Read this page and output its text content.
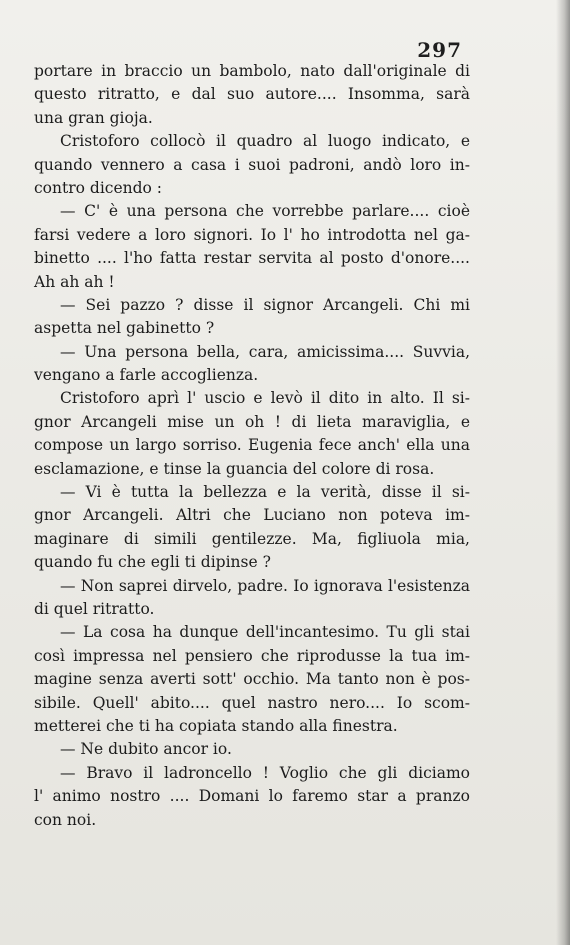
297
portare in braccio un bambolo, nato dall'originale di
questo ritratto, e dal suo autore.... Insomma, sarà
una gran gioja.
Cristoforo collocò il quadro al luogo indicato, e
quando vennero a casa i suoi padroni, andò loro in-
contro dicendo :
— C' è una persona che vorrebbe parlare.... cioè
farsi vedere a loro signori. Io l' ho introdotta nel ga-
binetto .... l'ho fatta restar servita al posto d'onore....
Ah ah ah !
— Sei pazzo ? disse il signor Arcangeli. Chi mi
aspetta nel gabinetto ?
— Una persona bella, cara, amicissima.... Suvvia,
vengano a farle accoglienza.
Cristoforo aprì l' uscio e levò il dito in alto. Il si-
gnor Arcangeli mise un oh ! di lieta maraviglia, e
compose un largo sorriso. Eugenia fece anch' ella una
esclamazione, e tinse la guancia del colore di rosa.
— Vi è tutta la bellezza e la verità, disse il si-
gnor Arcangeli. Altri che Luciano non poteva im-
maginare di simili gentilezze. Ma, figliuola mia,
quando fu che egli ti dipinse ?
— Non saprei dirvelo, padre. Io ignorava l'esistenza
di quel ritratto.
— La cosa ha dunque dell'incantesimo. Tu gli stai
così impressa nel pensiero che riprodusse la tua im-
magine senza averti sott' occhio. Ma tanto non è pos-
sibile. Quell' abito.... quel nastro nero.... Io scom-
metterei che ti ha copiata stando alla finestra.
— Ne dubito ancor io.
— Bravo il ladroncello ! Voglio che gli diciamo
l' animo nostro .... Domani lo faremo star a pranzo
con noi.
